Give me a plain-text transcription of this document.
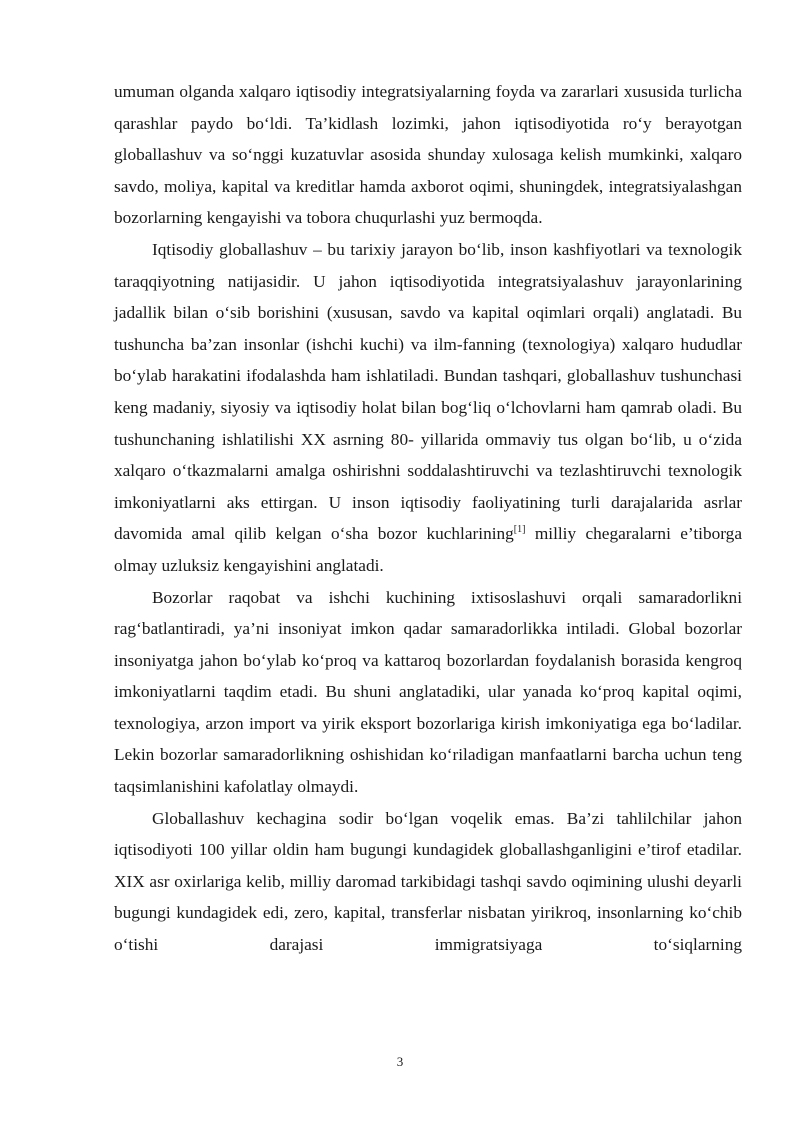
umuman olganda xalqaro iqtisodiy integratsiyalarning foyda va zararlari xususida turlicha qarashlar paydo bo‘ldi. Ta’kidlash lozimki, jahon iqtisodiyotida ro‘y berayotgan globallashuv va so‘nggi kuzatuvlar asosida shunday xulosaga kelish mumkinki, xalqaro savdo, moliya, kapital va kreditlar hamda axborot oqimi, shuningdek, integratsiyalashgan bozorlarning kengayishi va tobora chuqurlashi yuz bermoqda.

Iqtisodiy globallashuv – bu tarixiy jarayon bo‘lib, inson kashfiyotlari va texnologik taraqqiyotning natijasidir. U jahon iqtisodiyotida integratsiyalashuv jarayonlarining jadallik bilan o‘sib borishini (xususan, savdo va kapital oqimlari orqali) anglatadi. Bu tushuncha ba’zan insonlar (ishchi kuchi) va ilm-fanning (texnologiya) xalqaro hududlar bo‘ylab harakatini ifodalashda ham ishlatiladi. Bundan tashqari, globallashuv tushunchasi keng madaniy, siyosiy va iqtisodiy holat bilan bog‘liq o‘lchovlarni ham qamrab oladi. Bu tushunchaning ishlatilishi XX asrning 80- yillarida ommaviy tus olgan bo‘lib, u o‘zida xalqaro o‘tkazmalarni amalga oshirishni soddalashtiruvchi va tezlashtiruvchi texnologik imkoniyatlarni aks ettirgan. U inson iqtisodiy faoliyatining turli darajalarida asrlar davomida amal qilib kelgan o‘sha bozor kuchlarining[1] milliy chegaralarni e’tiborga olmay uzluksiz kengayishini anglatadi.

Bozorlar raqobat va ishchi kuchining ixtisoslashuvi orqali samaradorlikni rag‘batlantiradi, ya’ni insoniyat imkon qadar samaradorlikka intiladi. Global bozorlar insoniyatga jahon bo‘ylab ko‘proq va kattaroq bozorlardan foydalanish borasida kengroq imkoniyatlarni taqdim etadi. Bu shuni anglatadiki, ular yanada ko‘proq kapital oqimi, texnologiya, arzon import va yirik eksport bozorlariga kirish imkoniyatiga ega bo‘ladilar. Lekin bozorlar samaradorlikning oshishidan ko‘riladigan manfaatlarni barcha uchun teng taqsimlanishini kafolatlay olmaydi.

Globallashuv kechagina sodir bo‘lgan voqelik emas. Ba’zi tahlilchilar jahon iqtisodiyoti 100 yillar oldin ham bugungi kundagidek globallashganligini e’tirof etadilar. XIX asr oxirlariga kelib, milliy daromad tarkibidagi tashqi savdo oqimining ulushi deyarli bugungi kundagidek edi, zero, kapital, transferlar nisbatan yirikroq, insonlarning ko‘chib o‘tishi darajasi immigratsiyaga to‘siqlarning

3
